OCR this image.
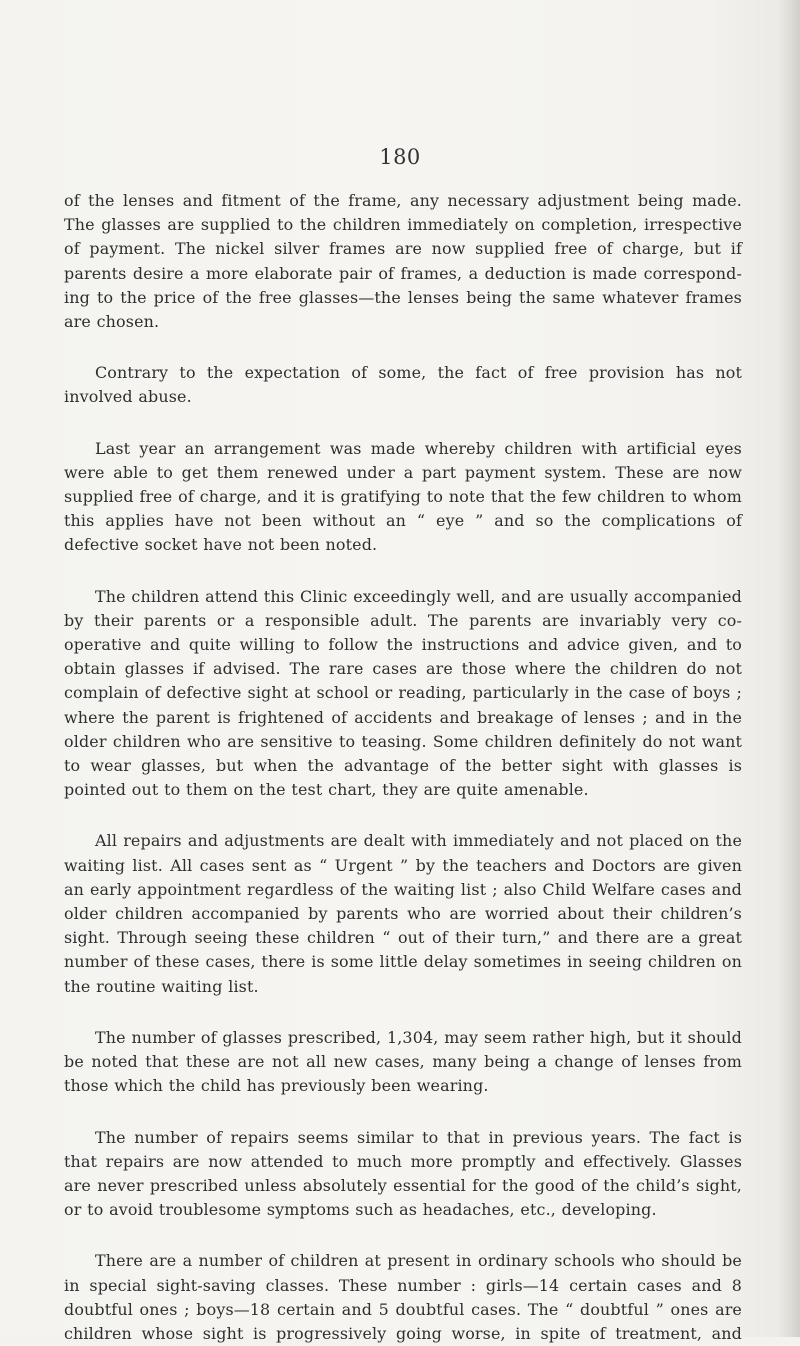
180

of the lenses and fitment of the frame, any necessary adjustment being made. The glasses are supplied to the children immediately on completion, irrespective of payment. The nickel silver frames are now supplied free of charge, but if parents desire a more elaborate pair of frames, a deduction is made correspond- ing to the price of the free glasses—the lenses being the same whatever frames are chosen.

Contrary to the expectation of some, the fact of free provision has not involved abuse.

Last year an arrangement was made whereby children with artificial eyes were able to get them renewed under a part payment system. These are now supplied free of charge, and it is gratifying to note that the few children to whom this applies have not been without an “ eye ” and so the complications of defective socket have not been noted.

The children attend this Clinic exceedingly well, and are usually accompanied by their parents or a responsible adult. The parents are invariably very co-operative and quite willing to follow the instructions and advice given, and to obtain glasses if advised. The rare cases are those where the children do not complain of defective sight at school or reading, particularly in the case of boys ; where the parent is frightened of accidents and breakage of lenses ; and in the older children who are sensitive to teasing. Some children definitely do not want to wear glasses, but when the advantage of the better sight with glasses is pointed out to them on the test chart, they are quite amenable.

All repairs and adjustments are dealt with immediately and not placed on the waiting list. All cases sent as “ Urgent ” by the teachers and Doctors are given an early appointment regardless of the waiting list ; also Child Welfare cases and older children accompanied by parents who are worried about their children’s sight. Through seeing these children “ out of their turn,” and there are a great number of these cases, there is some little delay sometimes in seeing children on the routine waiting list.

The number of glasses prescribed, 1,304, may seem rather high, but it should be noted that these are not all new cases, many being a change of lenses from those which the child has previously been wearing.

The number of repairs seems similar to that in previous years. The fact is that repairs are now attended to much more promptly and effectively. Glasses are never prescribed unless absolutely essential for the good of the child’s sight, or to avoid troublesome symptoms such as headaches, etc., developing.

There are a number of children at present in ordinary schools who should be in special sight-saving classes. These number : girls—14 certain cases and 8 doubtful ones ; boys—18 certain and 5 doubtful cases. The “ doubtful ” ones are children whose sight is progressively going worse, in spite of treatment, and
